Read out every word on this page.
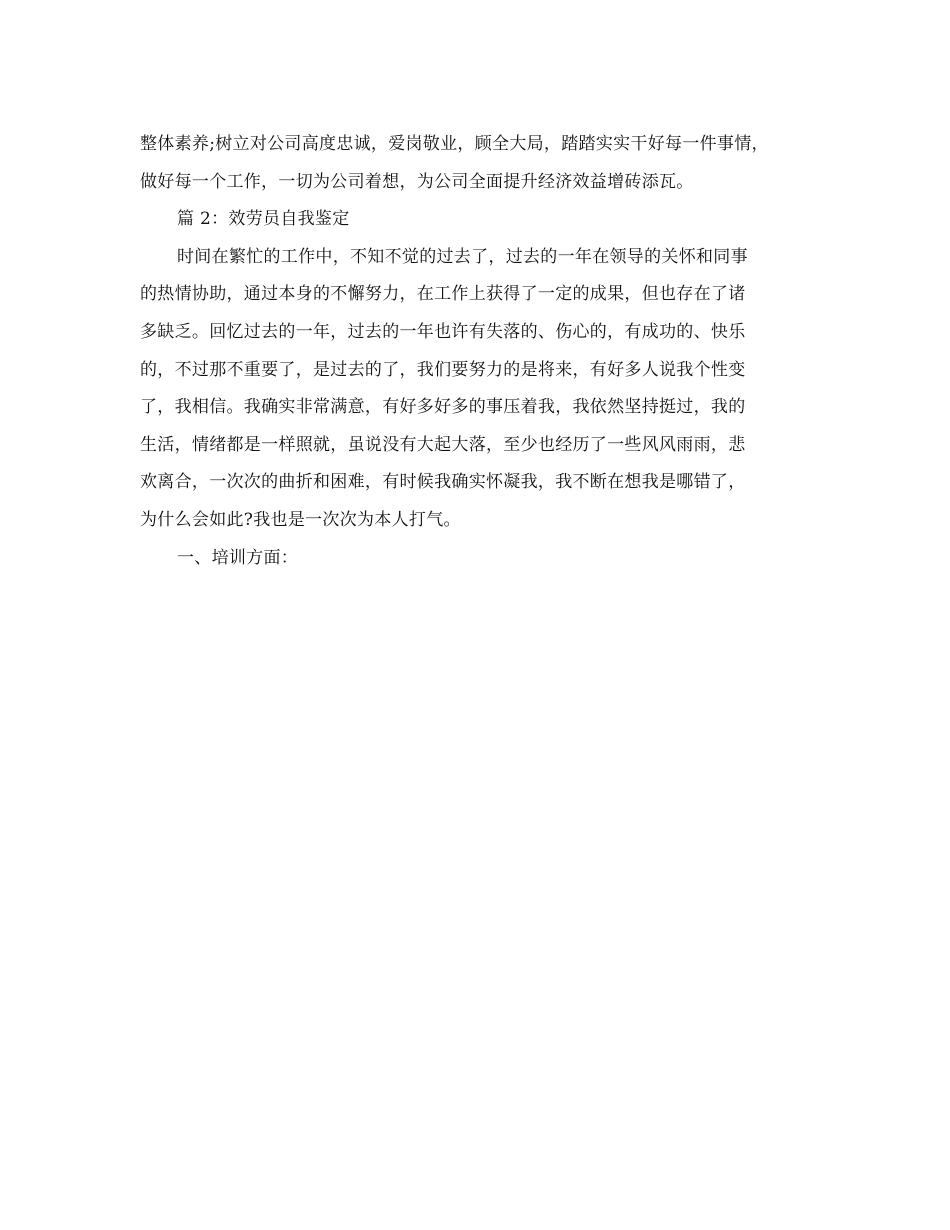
整体素养;树立对公司高度忠诚，爱岗敬业，顾全大局，踏踏实实干好每一件事情，
做好每一个工作，一切为公司着想，为公司全面提升经济效益增砖添瓦。
篇 2：效劳员自我鉴定
时间在繁忙的工作中，不知不觉的过去了，过去的一年在领导的关怀和同事
的热情协助，通过本身的不懈努力，在工作上获得了一定的成果，但也存在了诸
多缺乏。回忆过去的一年，过去的一年也许有失落的、伤心的，有成功的、快乐
的，不过那不重要了，是过去的了，我们要努力的是将来，有好多人说我个性变
了，我相信。我确实非常满意，有好多好多的事压着我，我依然坚持挺过，我的
生活，情绪都是一样照就，虽说没有大起大落，至少也经历了一些风风雨雨，悲
欢离合，一次次的曲折和困难，有时候我确实怀凝我，我不断在想我是哪错了，
为什么会如此?我也是一次次为本人打气。
一、培训方面：
